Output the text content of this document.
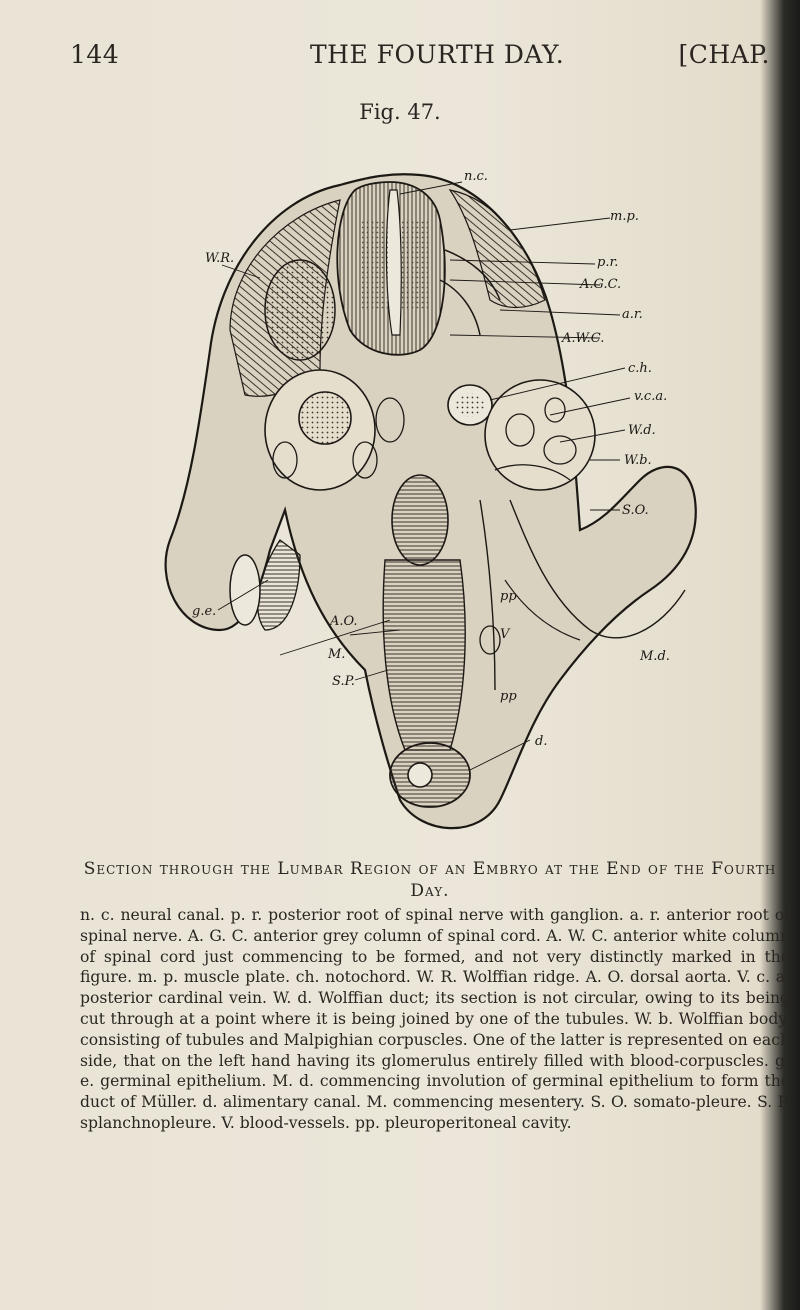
144	THE FOURTH DAY.	[CHAP.
Fig. 47.
n.c.
m.p.
p.r.
A.G.C.
a.r.
A.W.C.
c.h.
W.R.
v.c.a.
W.d.
W.b.
S.O.
g.e.
A.O.
M.
S.P.
pp
V
pp
M.d.
d.
Section through the Lumbar Region of an Embryo at the End of the Fourth Day.
n. c. neural canal. p. r. posterior root of spinal nerve with ganglion. a. r. anterior root of spinal nerve. A. G. C. anterior grey column of spinal cord. A. W. C. anterior white column of spinal cord just commencing to be formed, and not very distinctly marked in the figure. m. p. muscle plate. ch. notochord. W. R. Wolffian ridge. A. O. dorsal aorta. V. c. a. posterior cardinal vein. W. d. Wolffian duct; its section is not circular, owing to its being cut through at a point where it is being joined by one of the tubules. W. b. Wolffian body, consisting of tubules and Malpighian corpuscles. One of the latter is represented on each side, that on the left hand having its glomerulus entirely filled with blood-corpuscles. g. e. germinal epithelium. M. d. commencing involution of germinal epithelium to form the duct of Müller. d. alimentary canal. M. commencing mesentery. S. O. somato-pleure. S. P. splanchnopleure. V. blood-vessels. pp. pleuroperitoneal cavity.
